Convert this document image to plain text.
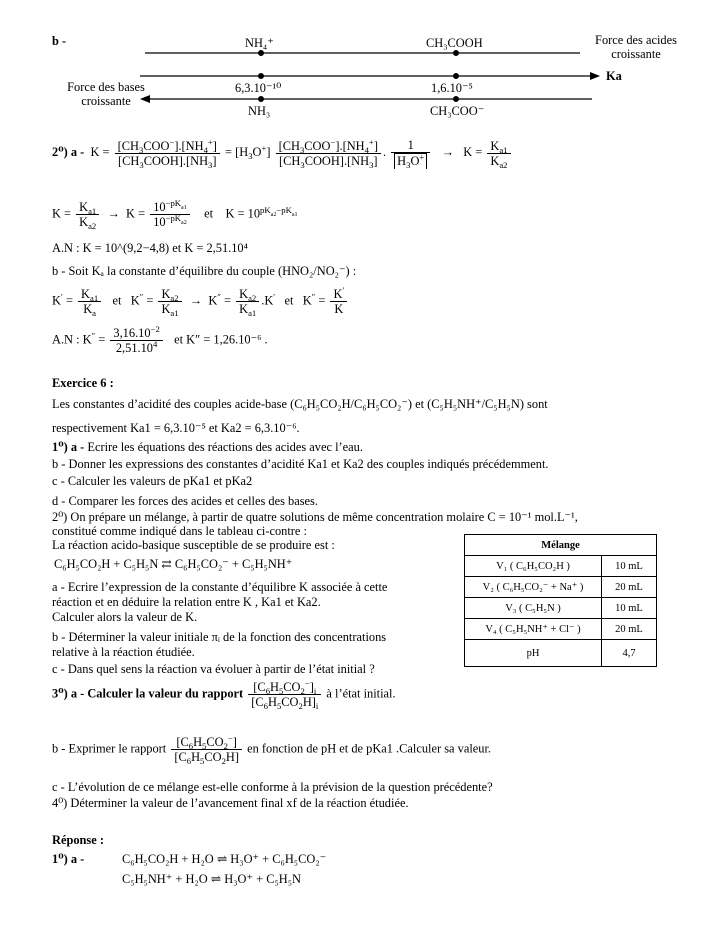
b -	NH₄⁺	CH₃COOH	Force des acides croissante
Ka
Force des bases croissante
6,3.10⁻¹⁰	1,6.10⁻⁵
NH₃	CH₃COO⁻
2⁰) $a - K = \frac{[CH_3COO^-].[NH_4^+]}{[CH_3COOH].[NH_3]} = [H_3O^+] \frac{[CH_3COO^-].[NH_4^+]}{[CH_3COOH].[NH_3]}$ . $\frac{1}{H_3O^+} \to K = \frac{K_{a1}}{K_{a2}}$
$K = \frac{K_{a1}}{K_{a2}} \to K = \frac{10^{-pK_{a1}}}{10^{-pK_{a2}}}$ et    $K = 10^{pK_{a2}-pK_{a1}}$
A.N : K = 10^(9,2−4,8) et K = 2,51.10⁴
b - Soit Kₐ la constante d’équilibre du couple (HNO₂/NO₂⁻) :
$K' = \frac{K_{a1}}{K_a}$ et   $K'' = \frac{K_{a2}}{K_{a1}} \to K'' = \frac{K_{a2}}{K_{a1}} .K'$   et   $K'' = \frac{K'}{K}$
A.N : $K'' = \frac{3,16.10^{-2}}{2,51.10^4}$ et K″ = 1,26.10⁻⁶ .
Exercice 6 :
Les constantes d’acidité des couples acide-base (C₆H₅CO₂H/C₆H₅CO₂⁻) et (C₅H₅NH⁺/C₅H₅N) sont
respectivement Ka1 = 6,3.10⁻⁵ et Ka2 = 6,3.10⁻⁶.
1⁰) a - Ecrire les équations des réactions des acides avec l’eau.
b - Donner les expressions des constantes d’acidité Ka1 et Ka2 des couples indiqués précédemment.
c - Calculer les valeurs de pKa1 et pKa2
d - Comparer les forces des acides et celles des bases.
2⁰) On prépare un mélange, à partir de quatre solutions de même concentration molaire C = 10⁻¹ mol.L⁻¹,
constitué comme indiqué dans le tableau ci-contre :
La réaction acido-basique susceptible de se produire est :
C₆H₅CO₂H + C₅H₅N ⇄ C₆H₅CO₂⁻ + C₅H₅NH⁺
a - Ecrire l’expression de la constante d’équilibre K associée à cette
réaction et en déduire la relation entre K , Ka1 et Ka2.
Calculer alors la valeur de K.
b - Déterminer la valeur initiale πᵢ de la fonction des concentrations
relative à la réaction étudiée.
c - Dans quel sens la réaction va évoluer à partir de l’état initial ?
3⁰) a - Calculer la valeur du rapport $\frac{[C_6H_5CO_2^-]_i}{[C_6H_5CO_2H]_i}$ à l’état initial.
b - Exprimer le rapport $\frac{[C_6H_5CO_2^-]}{[C_6H_5CO_2H]}$ en fonction de pH et de pKa1 .Calculer sa valeur.
c - L’évolution de ce mélange est-elle conforme à la prévision de la question précédente?
4⁰) Déterminer la valeur de l’avancement final xf de la réaction étudiée.
Réponse :
1⁰) a -	C₆H₅CO₂H + H₂O ⇌ H₃O⁺ + C₆H₅CO₂⁻
C₅H₅NH⁺ + H₂O ⇌ H₃O⁺ + C₅H₅N
Mélange	
V₁ ( C₆H₅CO₂H )	10 mL
V₂ ( C₆H₅CO₂⁻ + Na⁺ )	20 mL
V₃ ( C₅H₅N )	10 mL
V₄ ( C₅H₅NH⁺ + Cl⁻ )	20 mL
pH	4,7
